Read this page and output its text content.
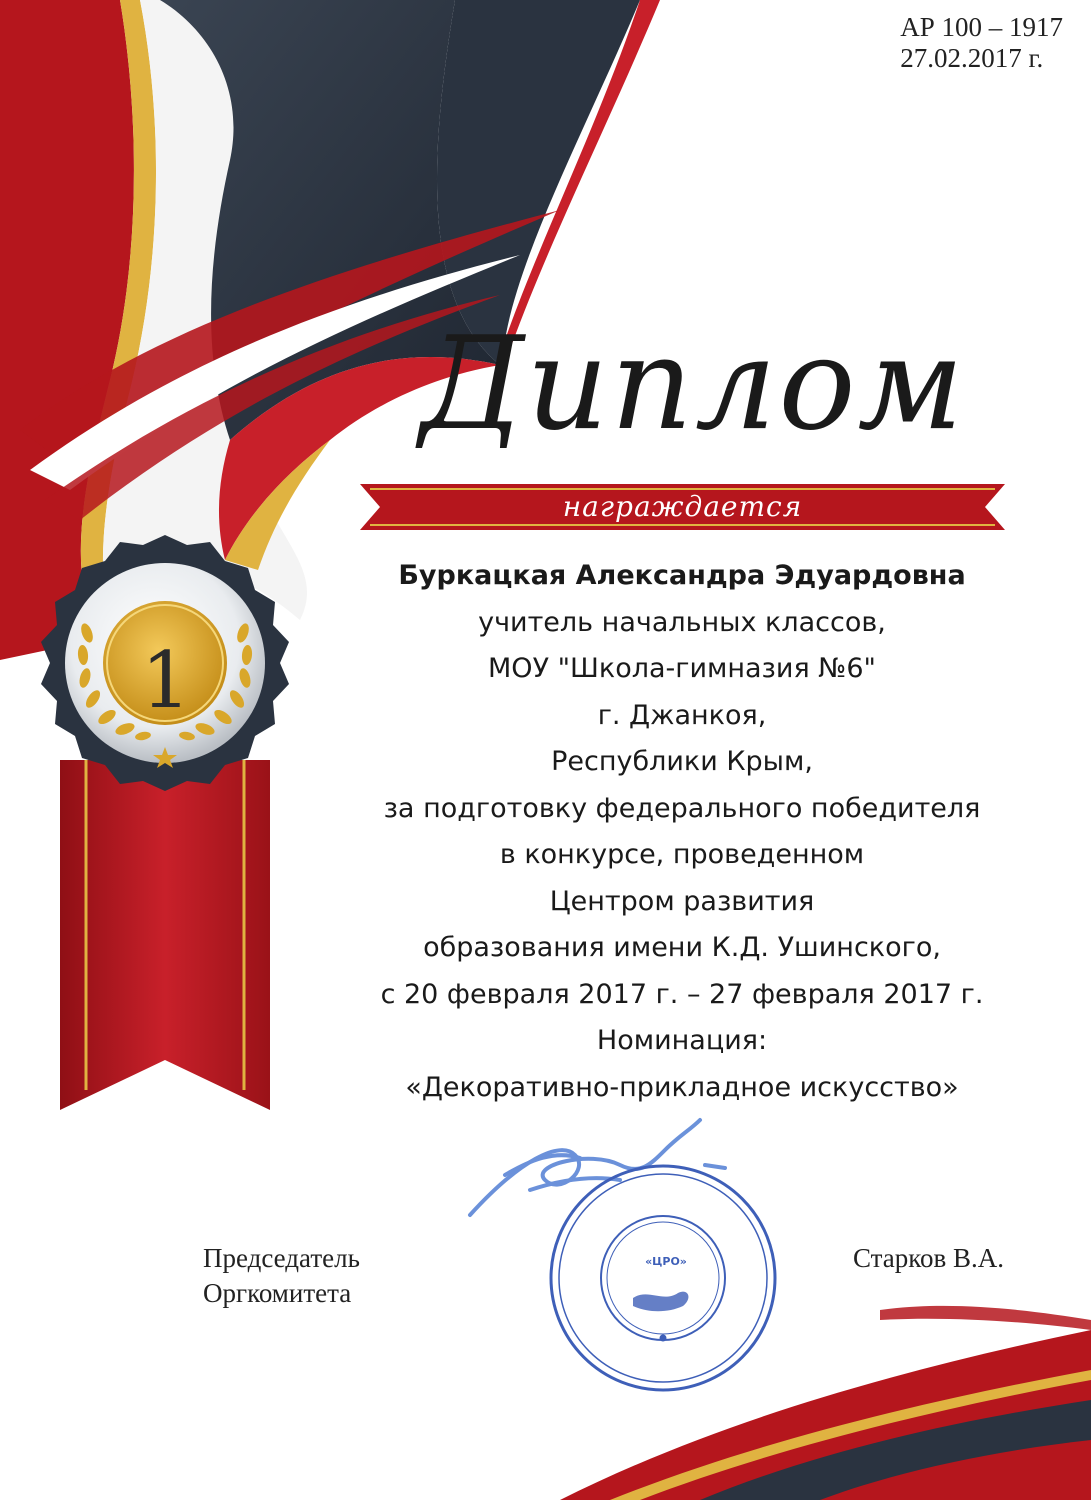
АР 100 – 1917
27.02.2017 г.
Диплом
награждается
1
Буркацкая Александра Эдуардовна
учитель начальных классов,
МОУ "Школа-гимназия №6"
г. Джанкоя,
Республики Крым,
за подготовку федерального победителя
в конкурсе, проведенном
Центром развития
образования имени К.Д. Ушинского,
с 20 февраля 2017 г. – 27 февраля 2017 г.
Номинация:
«Декоративно-прикладное искусство»
«ЦРО»
Председатель
Оргкомитета
Старков В.А.
